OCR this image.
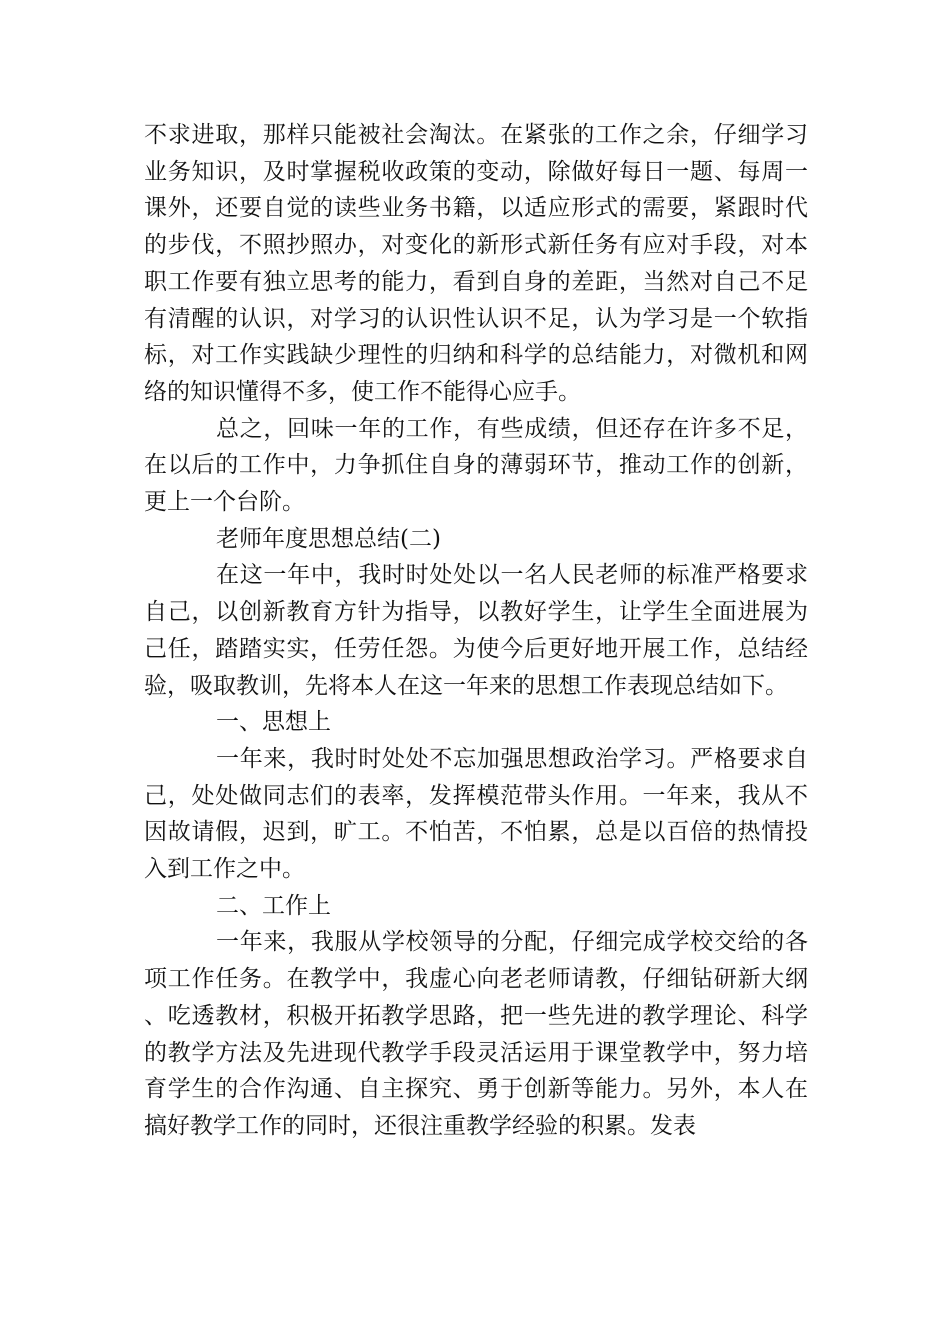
不求进取，那样只能被社会淘汰。在紧张的工作之余，仔细学习业务知识，及时掌握税收政策的变动，除做好每日一题、每周一课外，还要自觉的读些业务书籍，以适应形式的需要，紧跟时代的步伐，不照抄照办，对变化的新形式新任务有应对手段，对本职工作要有独立思考的能力，看到自身的差距，当然对自己不足有清醒的认识，对学习的认识性认识不足，认为学习是一个软指标，对工作实践缺少理性的归纳和科学的总结能力，对微机和网络的知识懂得不多，使工作不能得心应手。

总之，回味一年的工作，有些成绩，但还存在许多不足，在以后的工作中，力争抓住自身的薄弱环节，推动工作的创新，更上一个台阶。

老师年度思想总结(二)

在这一年中，我时时处处以一名人民老师的标准严格要求自己，以创新教育方针为指导，以教好学生，让学生全面进展为己任，踏踏实实，任劳任怨。为使今后更好地开展工作，总结经验，吸取教训，先将本人在这一年来的思想工作表现总结如下。

一、思想上

一年来，我时时处处不忘加强思想政治学习。严格要求自己，处处做同志们的表率，发挥模范带头作用。一年来，我从不因故请假，迟到，旷工。不怕苦，不怕累，总是以百倍的热情投入到工作之中。

二、工作上

一年来，我服从学校领导的分配，仔细完成学校交给的各项工作任务。在教学中，我虚心向老老师请教，仔细钻研新大纲、吃透教材，积极开拓教学思路，把一些先进的教学理论、科学的教学方法及先进现代教学手段灵活运用于课堂教学中，努力培育学生的合作沟通、自主探究、勇于创新等能力。另外，本人在搞好教学工作的同时，还很注重教学经验的积累。发表
